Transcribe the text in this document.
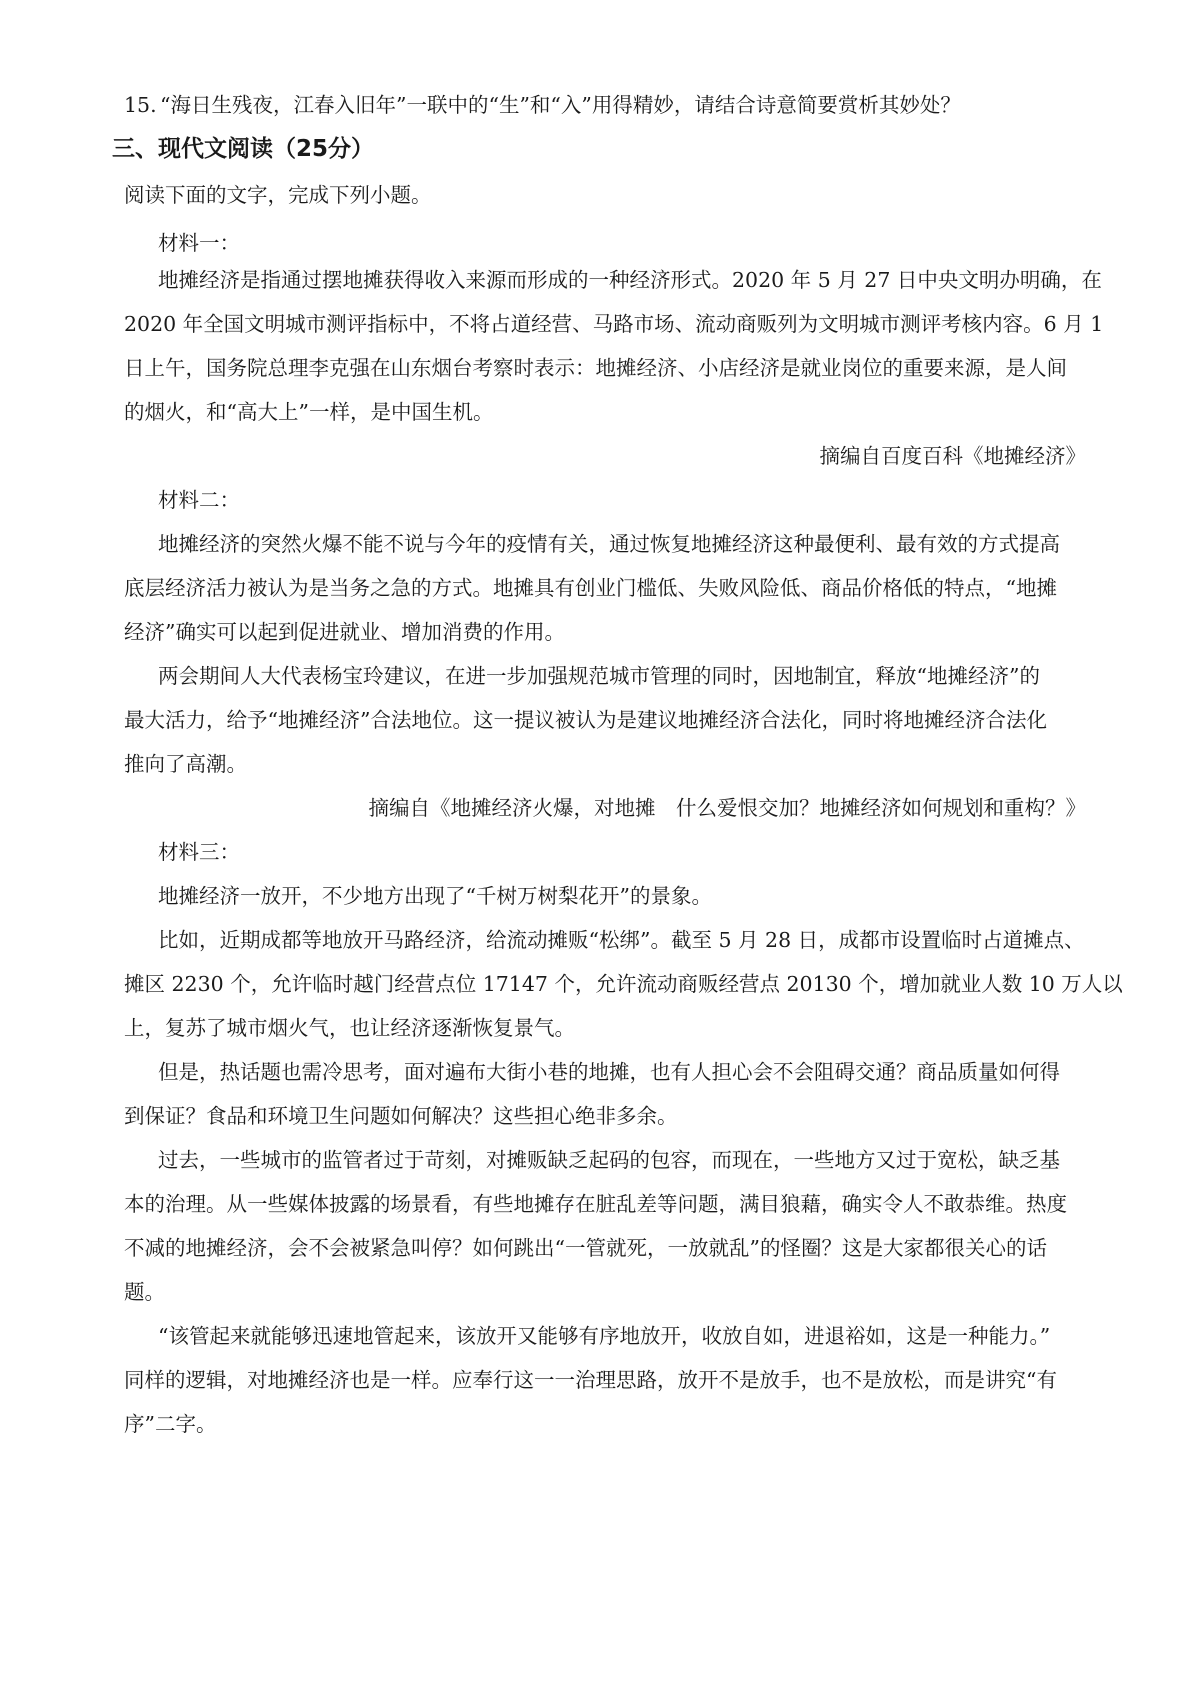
15. “海日生残夜，江春入旧年”一联中的“生”和“入”用得精妙，请结合诗意简要赏析其妙处？
三、现代文阅读（25分）
阅读下面的文字，完成下列小题。
材料一：
地摊经济是指通过摆地摊获得收入来源而形成的一种经济形式。2020 年 5 月 27 日中央文明办明确，在
2020 年全国文明城市测评指标中，不将占道经营、马路市场、流动商贩列为文明城市测评考核内容。6 月 1
日上午，国务院总理李克强在山东烟台考察时表示：地摊经济、小店经济是就业岗位的重要来源，是人间
的烟火，和“高大上”一样，是中国生机。
摘编自百度百科《地摊经济》
材料二：
地摊经济的突然火爆不能不说与今年的疫情有关，通过恢复地摊经济这种最便利、最有效的方式提高
底层经济活力被认为是当务之急的方式。地摊具有创业门槛低、失败风险低、商品价格低的特点，“地摊
经济”确实可以起到促进就业、增加消费的作用。
两会期间人大代表杨宝玲建议，在进一步加强规范城市管理的同时，因地制宜，释放“地摊经济”的
最大活力，给予“地摊经济”合法地位。这一提议被认为是建议地摊经济合法化，同时将地摊经济合法化
推向了高潮。
摘编自《地摊经济火爆，对地摊　什么爱恨交加？地摊经济如何规划和重构？》
材料三：
地摊经济一放开，不少地方出现了“千树万树梨花开”的景象。
比如，近期成都等地放开马路经济，给流动摊贩“松绑”。截至 5 月 28 日，成都市设置临时占道摊点、
摊区 2230 个，允许临时越门经营点位 17147 个，允许流动商贩经营点 20130 个，增加就业人数 10 万人以
上，复苏了城市烟火气，也让经济逐渐恢复景气。
但是，热话题也需冷思考，面对遍布大街小巷的地摊，也有人担心会不会阻碍交通？商品质量如何得
到保证？食品和环境卫生问题如何解决？这些担心绝非多余。
过去，一些城市的监管者过于苛刻，对摊贩缺乏起码的包容，而现在，一些地方又过于宽松，缺乏基
本的治理。从一些媒体披露的场景看，有些地摊存在脏乱差等问题，满目狼藉，确实令人不敢恭维。热度
不减的地摊经济，会不会被紧急叫停？如何跳出“一管就死，一放就乱”的怪圈？这是大家都很关心的话
题。
“该管起来就能够迅速地管起来，该放开又能够有序地放开，收放自如，进退裕如，这是一种能力。”
同样的逻辑，对地摊经济也是一样。应奉行这一一治理思路，放开不是放手，也不是放松，而是讲究“有
序”二字。
